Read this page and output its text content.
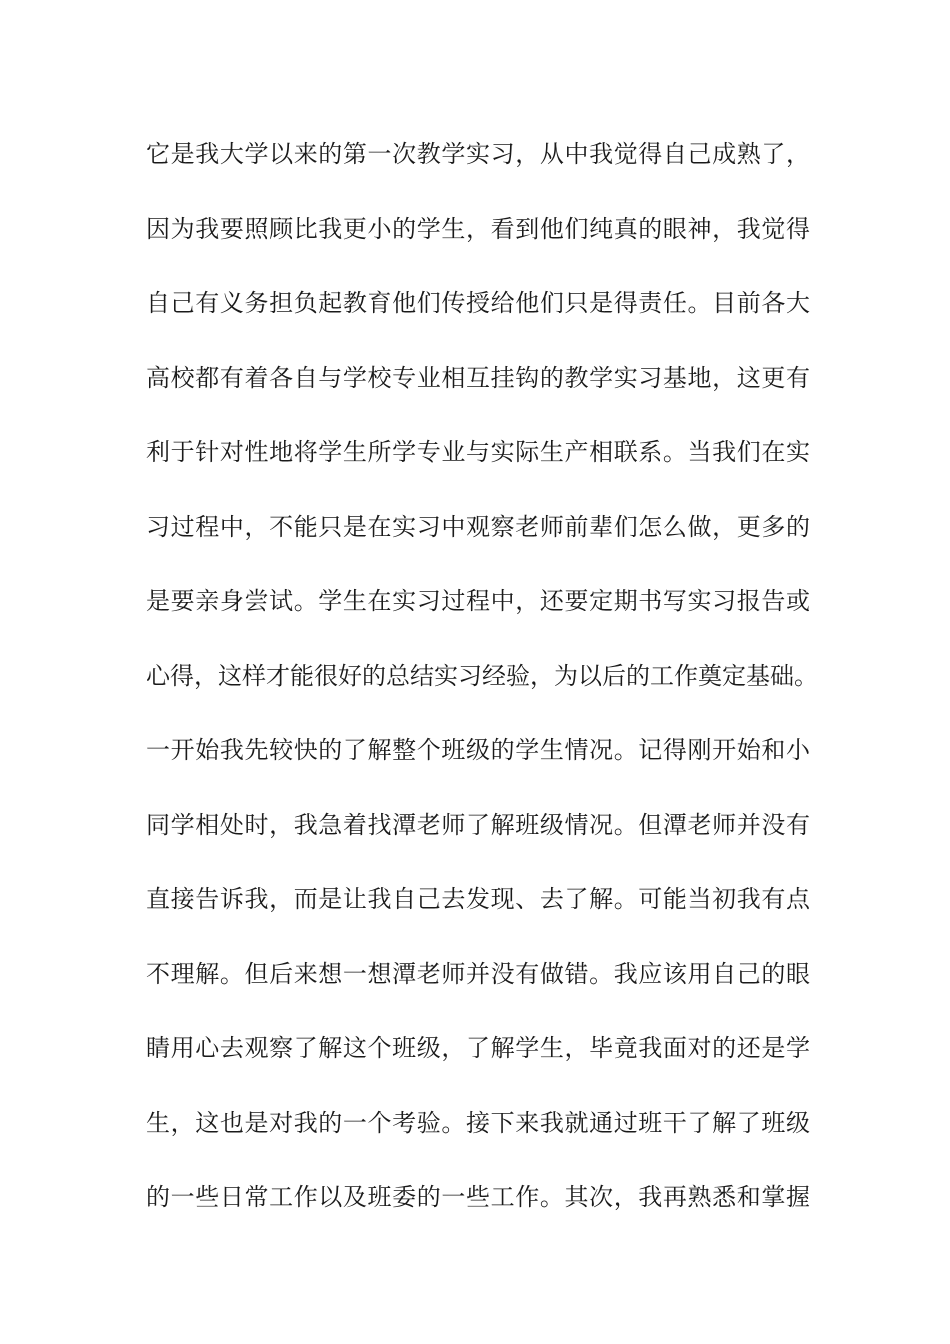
它是我大学以来的第一次教学实习，从中我觉得自己成熟了，
因为我要照顾比我更小的学生，看到他们纯真的眼神，我觉得
自己有义务担负起教育他们传授给他们只是得责任。目前各大
高校都有着各自与学校专业相互挂钩的教学实习基地，这更有
利于针对性地将学生所学专业与实际生产相联系。当我们在实
习过程中，不能只是在实习中观察老师前辈们怎么做，更多的
是要亲身尝试。学生在实习过程中，还要定期书写实习报告或
心得，这样才能很好的总结实习经验，为以后的工作奠定基础。
一开始我先较快的了解整个班级的学生情况。记得刚开始和小
同学相处时，我急着找潭老师了解班级情况。但潭老师并没有
直接告诉我，而是让我自己去发现、去了解。可能当初我有点
不理解。但后来想一想潭老师并没有做错。我应该用自己的眼
睛用心去观察了解这个班级，了解学生，毕竟我面对的还是学
生，这也是对我的一个考验。接下来我就通过班干了解了班级
的一些日常工作以及班委的一些工作。其次，我再熟悉和掌握
